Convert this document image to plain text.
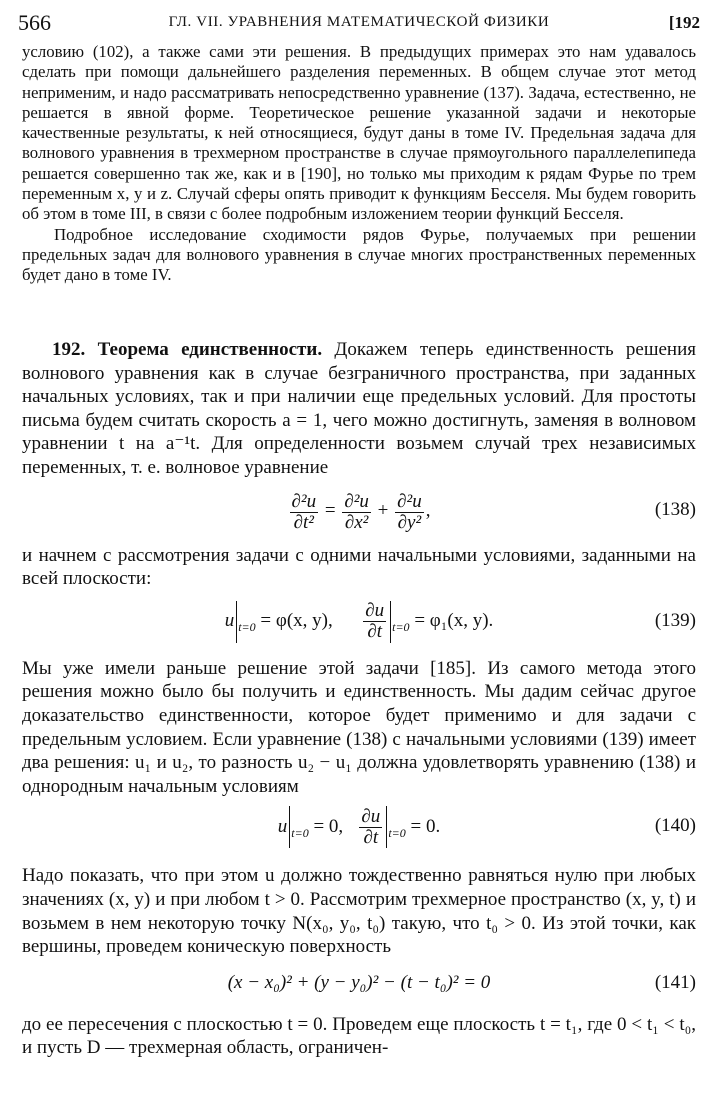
566	ГЛ. VII. УРАВНЕНИЯ МАТЕМАТИЧЕСКОЙ ФИЗИКИ	[192

условию (102), а также сами эти решения. В предыдущих примерах это нам удавалось сделать при помощи дальнейшего разделения переменных. В общем случае этот метод неприменим, и надо рассматривать непосредственно уравнение (137). Задача, естественно, не решается в явной форме. Теоретическое решение указанной задачи и некоторые качественные результаты, к ней относящиеся, будут даны в томе IV. Предельная задача для волнового уравнения в трехмерном пространстве в случае прямоугольного параллелепипеда решается совершенно так же, как и в [190], но только мы приходим к рядам Фурье по трем переменным x, y и z. Случай сферы опять приводит к функциям Бесселя. Мы будем говорить об этом в томе III, в связи с более подробным изложением теории функций Бесселя.

Подробное исследование сходимости рядов Фурье, получаемых при решении предельных задач для волнового уравнения в случае многих пространственных переменных будет дано в томе IV.

192. Теорема единственности. Докажем теперь единственность решения волнового уравнения как в случае безграничного пространства, при заданных начальных условиях, так и при наличии еще предельных условий. Для простоты письма будем считать скорость a = 1, чего можно достигнуть, заменяя в волновом уравнении t на a⁻¹t. Для определенности возьмем случай трех независимых переменных, т. е. волновое уравнение

$\frac{\text{∂²u}}{\text{∂t²}} = \frac{\text{∂²u}}{\text{∂x²}} + \frac{\text{∂²u}}{\text{∂y²}}$ ,	(138)

и начнем с рассмотрения задачи с одними начальными условиями, заданными на всей плоскости:

u $_{t=0}$ = φ(x, y), $\frac{\partial u}{\partial t} _{t=0} = \varphi_1(x$, y).	(139)

Мы уже имели раньше решение этой задачи [185]. Из самого метода этого решения можно было бы получить и единственность. Мы дадим сейчас другое доказательство единственности, которое будет применимо и для задачи с предельным условием. Если уравнение (138) с начальными условиями (139) имеет два решения: u₁ и u₂, то разность u₂ − u₁ должна удовлетворять уравнению (138) и однородным начальным условиям

u $_{t=0}$ = 0, $\frac{\partial u}{\partial t} _{t=0} = 0$.	(140)

Надо показать, что при этом u должно тождественно равняться нулю при любых значениях (x, y) и при любом t > 0. Рассмотрим трехмерное пространство (x, y, t) и возьмем в нем некоторую точку N(x₀, y₀, t₀) такую, что t₀ > 0. Из этой точки, как вершины, проведем коническую поверхность

(x − x₀)² + (y − y₀)² − (t − t₀)² = 0	(141)

до ее пересечения с плоскостью t = 0. Проведем еще плоскость t = t₁, где 0 < t₁ < t₀, и пусть D — трехмерная область, ограничен-
